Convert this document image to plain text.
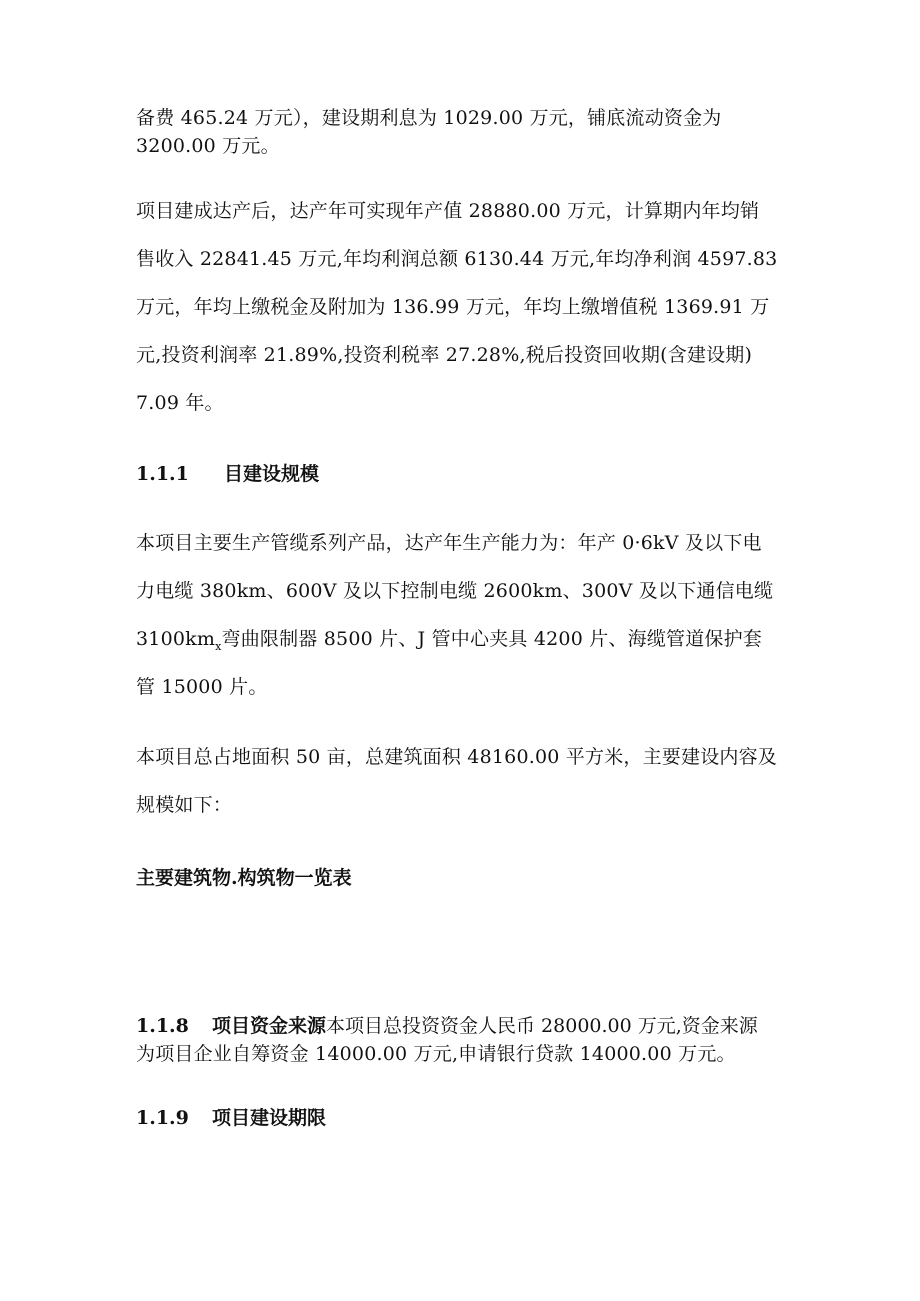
备费 465.24 万元），建设期利息为 1029.00 万元，铺底流动资金为
3200.00 万元。
项目建成达产后，达产年可实现年产值 28880.00 万元，计算期内年均销
售收入 22841.45 万元,年均利润总额 6130.44 万元,年均净利润 4597.83
万元，年均上缴税金及附加为 136.99 万元，年均上缴增值税 1369.91 万
元,投资利润率 21.89%,投资利税率 27.28%,税后投资回收期(含建设期)
7.09 年。
1.1.1 目建设规模
本项目主要生产管缆系列产品，达产年生产能力为：年产 0·6kV 及以下电
力电缆 380km、600V 及以下控制电缆 2600km、300V 及以下通信电缆
$3100km_x$弯曲限制器 8500 片、J 管中心夹具 4200 片、海缆管道保护套
管 15000 片。
本项目总占地面积 50 亩，总建筑面积 48160.00 平方米，主要建设内容及
规模如下：
主要建筑物.构筑物一览表
1.1.8 项目资金来源本项目总投资资金人民币 28000.00 万元,资金来源
为项目企业自筹资金 14000.00 万元,申请银行贷款 14000.00 万元。
1.1.9 项目建设期限
